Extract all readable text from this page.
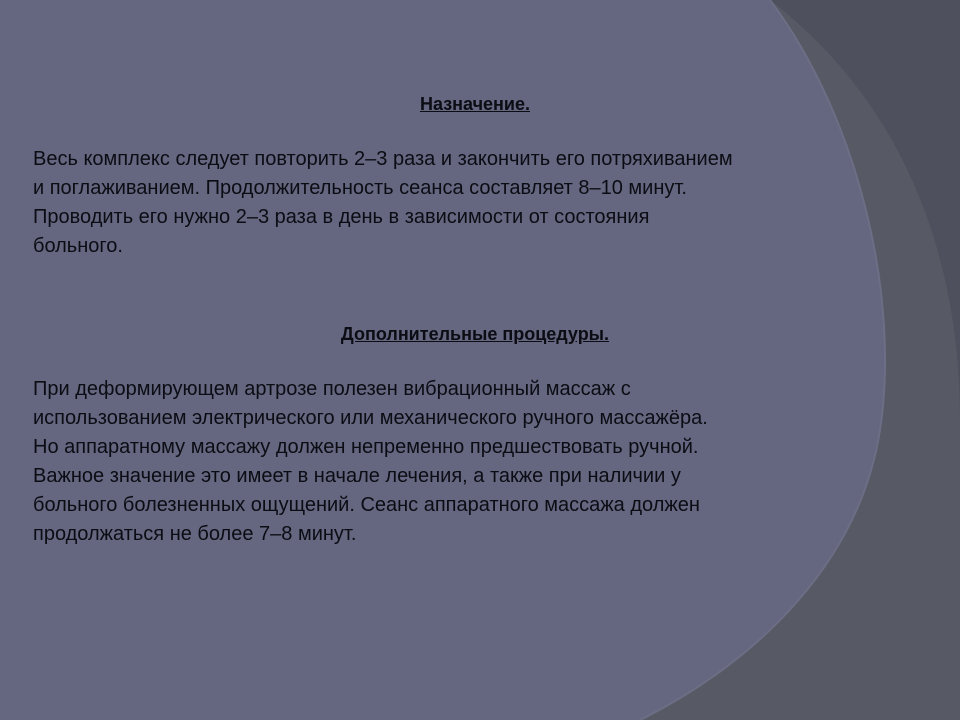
Назначение.

Весь комплекс следует повторить 2–3 раза и закончить его потряхиванием
и поглаживанием. Продолжительность сеанса составляет 8–10 минут.
Проводить его нужно 2–3 раза в день в зависимости от состояния
больного.

Дополнительные процедуры.

При деформирующем артрозе полезен вибрационный массаж с
использованием электрического или механического ручного массажёра.
Но аппаратному массажу должен непременно предшествовать ручной.
Важное значение это имеет в начале лечения, а также при наличии у
больного болезненных ощущений. Сеанс аппаратного массажа должен
продолжаться не более 7–8 минут.
